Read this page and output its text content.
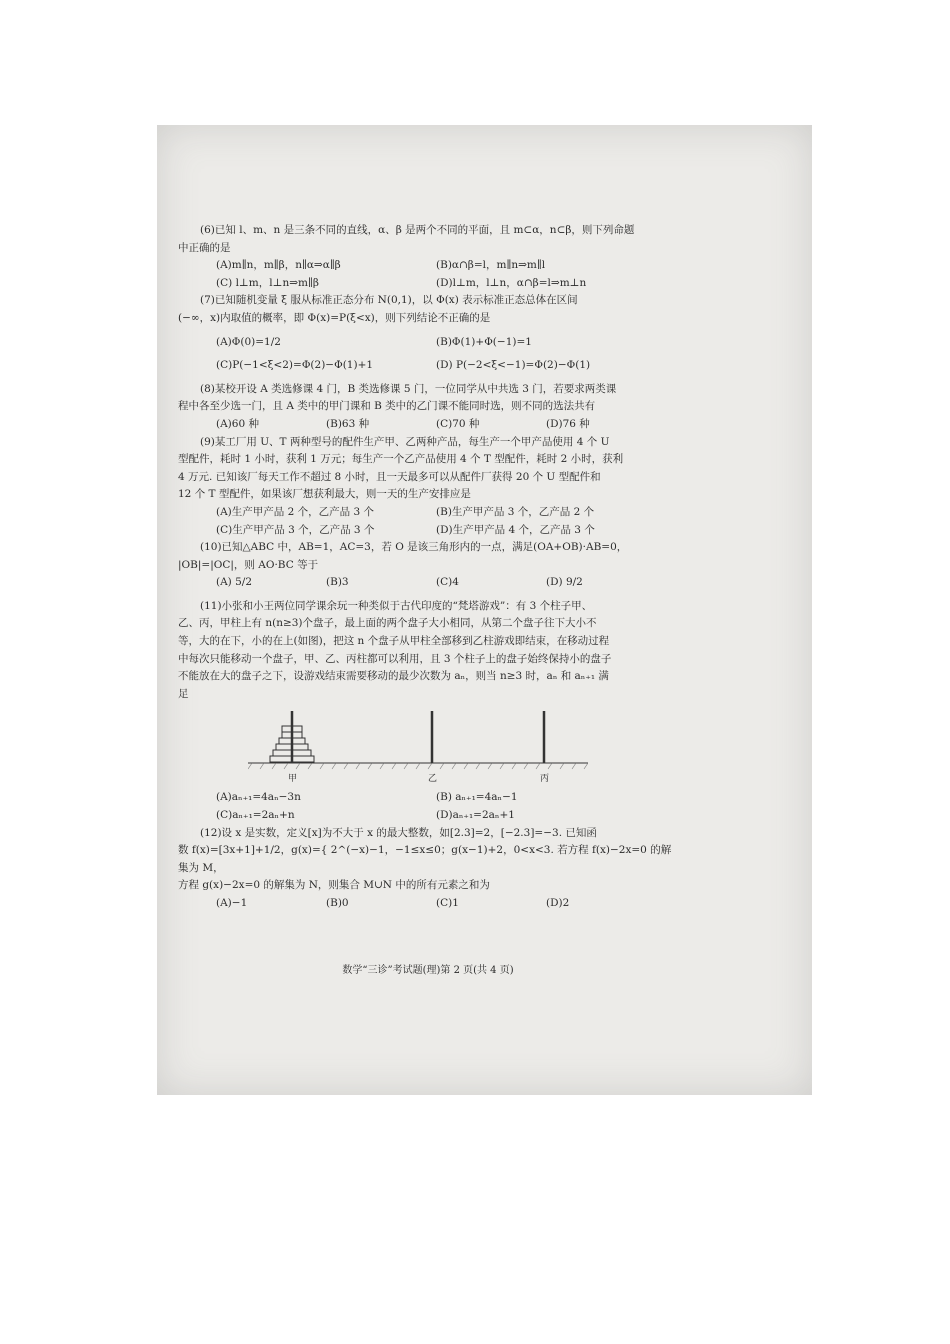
(6)已知 l、m、n 是三条不同的直线，α、β 是两个不同的平面，且 m⊂α，n⊂β，则下列命题

中正确的是

(A)m∥n，m∥β，n∥α⇒α∥β	(B)α∩β=l，m∥n⇒m∥l
(C) l⊥m，l⊥n⇒m∥β	(D)l⊥m，l⊥n，α∩β=l⇒m⊥n

(7)已知随机变量 ξ 服从标准正态分布 N(0,1)，以 Φ(x) 表示标准正态总体在区间

(−∞，x)内取值的概率，即 Φ(x)=P(ξ<x)，则下列结论不正确的是

(A)Φ(0)=1/2	(B)Φ(1)+Φ(−1)=1
(C)P(−1<ξ<2)=Φ(2)−Φ(1)+1	(D) P(−2<ξ<−1)=Φ(2)−Φ(1)

(8)某校开设 A 类选修课 4 门，B 类选修课 5 门，一位同学从中共选 3 门，若要求两类课

程中各至少选一门，且 A 类中的甲门课和 B 类中的乙门课不能同时选，则不同的选法共有

(A)60 种	(B)63 种	(C)70 种	(D)76 种

(9)某工厂用 U、T 两种型号的配件生产甲、乙两种产品，每生产一个甲产品使用 4 个 U

型配件，耗时 1 小时，获利 1 万元；每生产一个乙产品使用 4 个 T 型配件，耗时 2 小时，获利

4 万元. 已知该厂每天工作不超过 8 小时，且一天最多可以从配件厂获得 20 个 U 型配件和

12 个 T 型配件，如果该厂想获利最大，则一天的生产安排应是

(A)生产甲产品 2 个，乙产品 3 个	(B)生产甲产品 3 个，乙产品 2 个
(C)生产甲产品 3 个，乙产品 3 个	(D)生产甲产品 4 个，乙产品 3 个

(10)已知△ABC 中，AB=1，AC=3，若 O 是该三角形内的一点，满足(OA+OB)·AB=0，

|OB|=|OC|，则 AO·BC 等于

(A) 5/2	(B)3	(C)4	(D) 9/2

(11)小张和小王两位同学课余玩一种类似于古代印度的“梵塔游戏”：有 3 个柱子甲、

乙、丙，甲柱上有 n(n≥3)个盘子，最上面的两个盘子大小相同，从第二个盘子往下大小不

等，大的在下，小的在上(如图)，把这 n 个盘子从甲柱全部移到乙柱游戏即结束，在移动过程

中每次只能移动一个盘子，甲、乙、丙柱都可以利用，且 3 个柱子上的盘子始终保持小的盘子

不能放在大的盘子之下，设游戏结束需要移动的最少次数为 aₙ，则当 n≥3 时，aₙ 和 aₙ₊₁ 满

足

甲	乙	丙
(A)aₙ₊₁=4aₙ−3n	(B) aₙ₊₁=4aₙ−1
(C)aₙ₊₁=2aₙ+n	(D)aₙ₊₁=2aₙ+1

(12)设 x 是实数，定义[x]为不大于 x 的最大整数，如[2.3]=2，[−2.3]=−3. 已知函

数 f(x)=[3x+1]+1/2，g(x)={ 2^(−x)−1，−1≤x≤0；g(x−1)+2，0<x<3. 若方程 f(x)−2x=0 的解集为 M，

方程 g(x)−2x=0 的解集为 N，则集合 M∪N 中的所有元素之和为

(A)−1	(B)0	(C)1	(D)2
数学“三诊”考试题(理)第 2 页(共 4 页)
